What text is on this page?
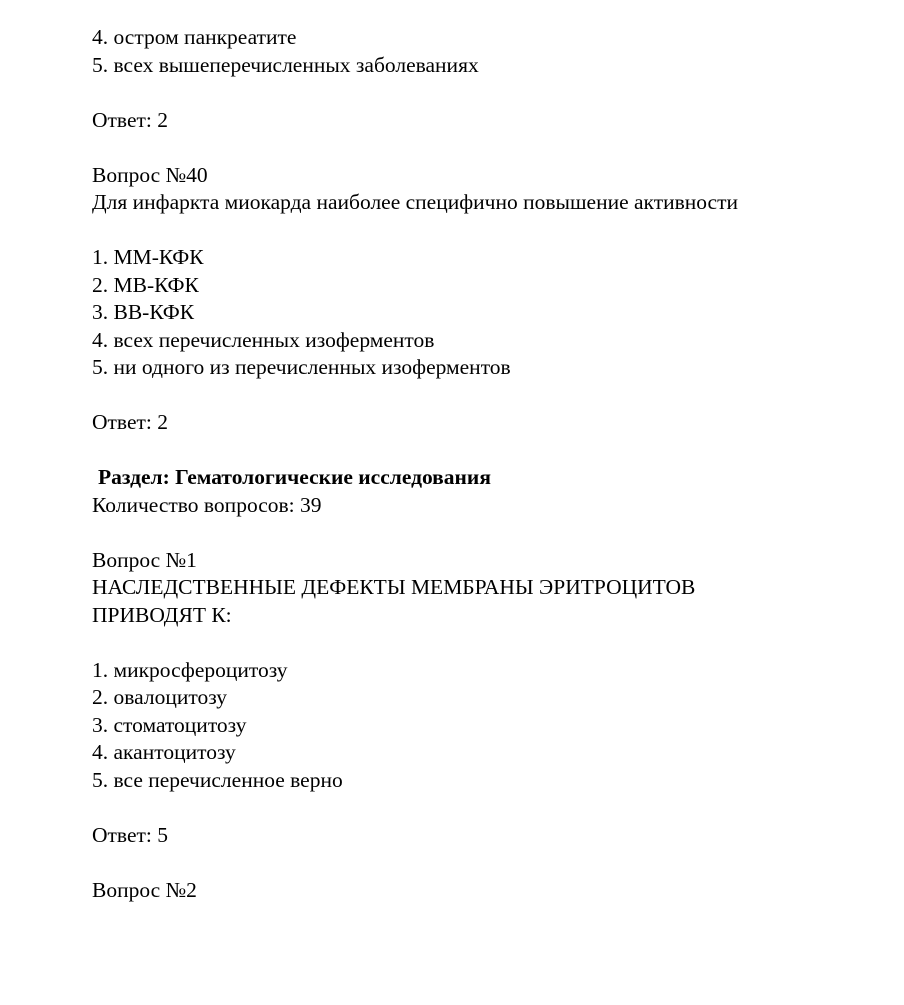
4. остром панкреатите
5. всех вышеперечисленных заболеваниях
Ответ: 2
Вопрос №40
Для инфаркта миокарда наиболее специфично повышение активности
1. ММ-КФК
2. МВ-КФК
3. ВВ-КФК
4. всех перечисленных изоферментов
5. ни одного из перечисленных изоферментов
Ответ: 2
Раздел: Гематологические исследования
Количество вопросов: 39
Вопрос №1
НАСЛЕДСТВЕННЫЕ ДЕФЕКТЫ МЕМБРАНЫ ЭРИТРОЦИТОВ
ПРИВОДЯТ К:
1. микросфероцитозу
2. овалоцитозу
3. стоматоцитозу
4. акантоцитозу
5. все перечисленное верно
Ответ: 5
Вопрос №2
